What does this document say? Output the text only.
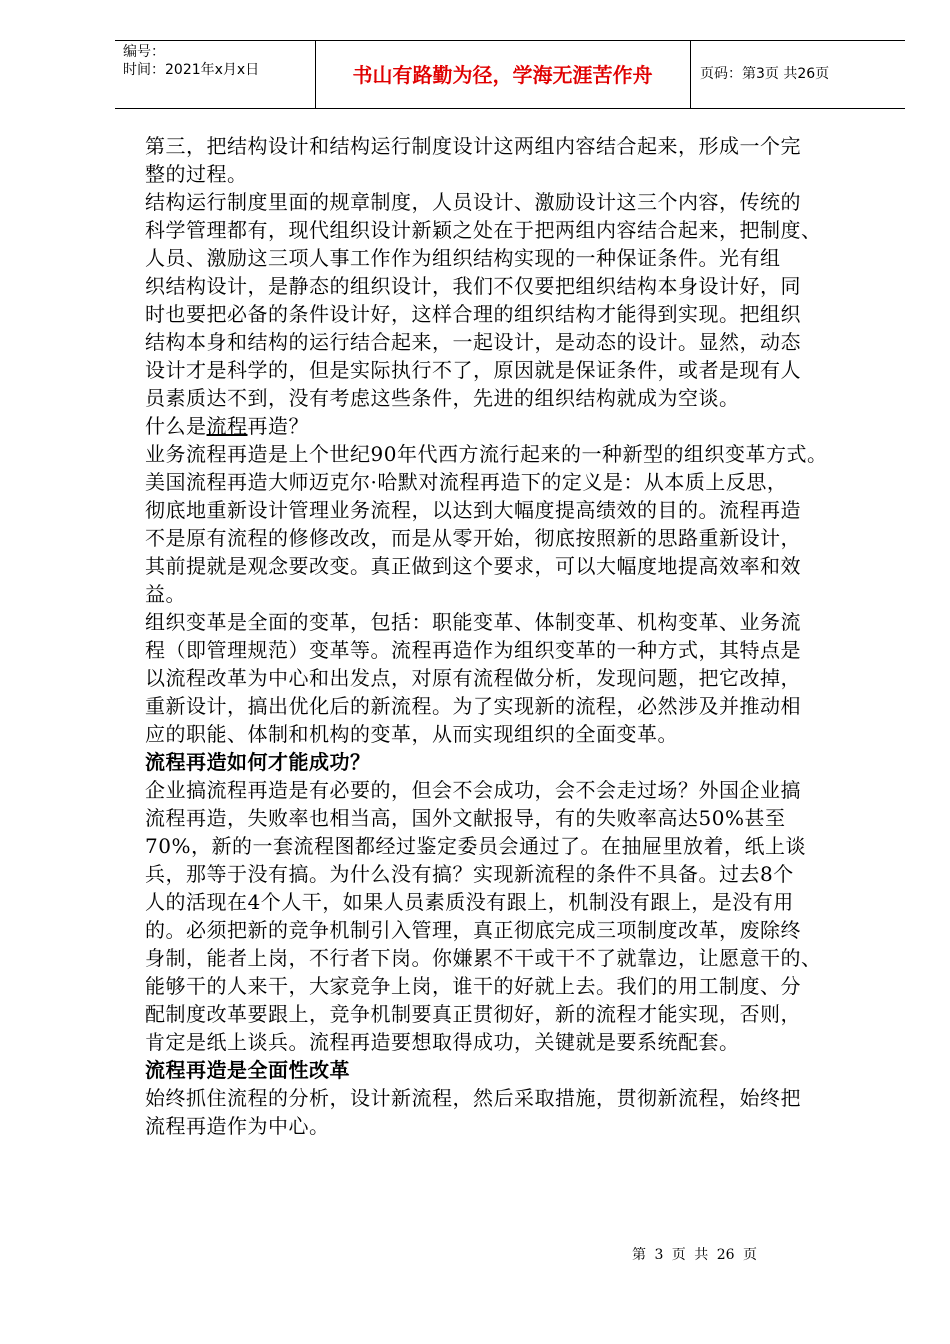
编号：
时间：2021年x月x日	书山有路勤为径，学海无涯苦作舟	页码：第3页 共26页

第三，把结构设计和结构运行制度设计这两组内容结合起来，形成一个完

整的过程。

结构运行制度里面的规章制度，人员设计、激励设计这三个内容，传统的

科学管理都有，现代组织设计新颖之处在于把两组内容结合起来，把制度、

人员、激励这三项人事工作作为组织结构实现的一种保证条件。光有组

织结构设计，是静态的组织设计，我们不仅要把组织结构本身设计好，同

时也要把必备的条件设计好，这样合理的组织结构才能得到实现。把组织

结构本身和结构的运行结合起来，一起设计，是动态的设计。显然，动态

设计才是科学的，但是实际执行不了，原因就是保证条件，或者是现有人

员素质达不到，没有考虑这些条件，先进的组织结构就成为空谈。

什么是流程再造？

业务流程再造是上个世纪90年代西方流行起来的一种新型的组织变革方式。

美国流程再造大师迈克尔·哈默对流程再造下的定义是：从本质上反思，

彻底地重新设计管理业务流程，以达到大幅度提高绩效的目的。流程再造

不是原有流程的修修改改，而是从零开始，彻底按照新的思路重新设计，

其前提就是观念要改变。真正做到这个要求，可以大幅度地提高效率和效

益。

组织变革是全面的变革，包括：职能变革、体制变革、机构变革、业务流

程（即管理规范）变革等。流程再造作为组织变革的一种方式，其特点是

以流程改革为中心和出发点，对原有流程做分析，发现问题，把它改掉，

重新设计，搞出优化后的新流程。为了实现新的流程，必然涉及并推动相

应的职能、体制和机构的变革，从而实现组织的全面变革。

流程再造如何才能成功？

企业搞流程再造是有必要的，但会不会成功，会不会走过场？外国企业搞

流程再造，失败率也相当高，国外文献报导，有的失败率高达50%甚至

70%，新的一套流程图都经过鉴定委员会通过了。在抽屉里放着，纸上谈

兵，那等于没有搞。为什么没有搞？实现新流程的条件不具备。过去8个

人的活现在4个人干，如果人员素质没有跟上，机制没有跟上，是没有用

的。必须把新的竞争机制引入管理，真正彻底完成三项制度改革，废除终

身制，能者上岗，不行者下岗。你嫌累不干或干不了就靠边，让愿意干的、

能够干的人来干，大家竞争上岗，谁干的好就上去。我们的用工制度、分

配制度改革要跟上，竞争机制要真正贯彻好，新的流程才能实现，否则，

肯定是纸上谈兵。流程再造要想取得成功，关键就是要系统配套。

流程再造是全面性改革

始终抓住流程的分析，设计新流程，然后采取措施，贯彻新流程，始终把

流程再造作为中心。

第 3 页 共 26 页
